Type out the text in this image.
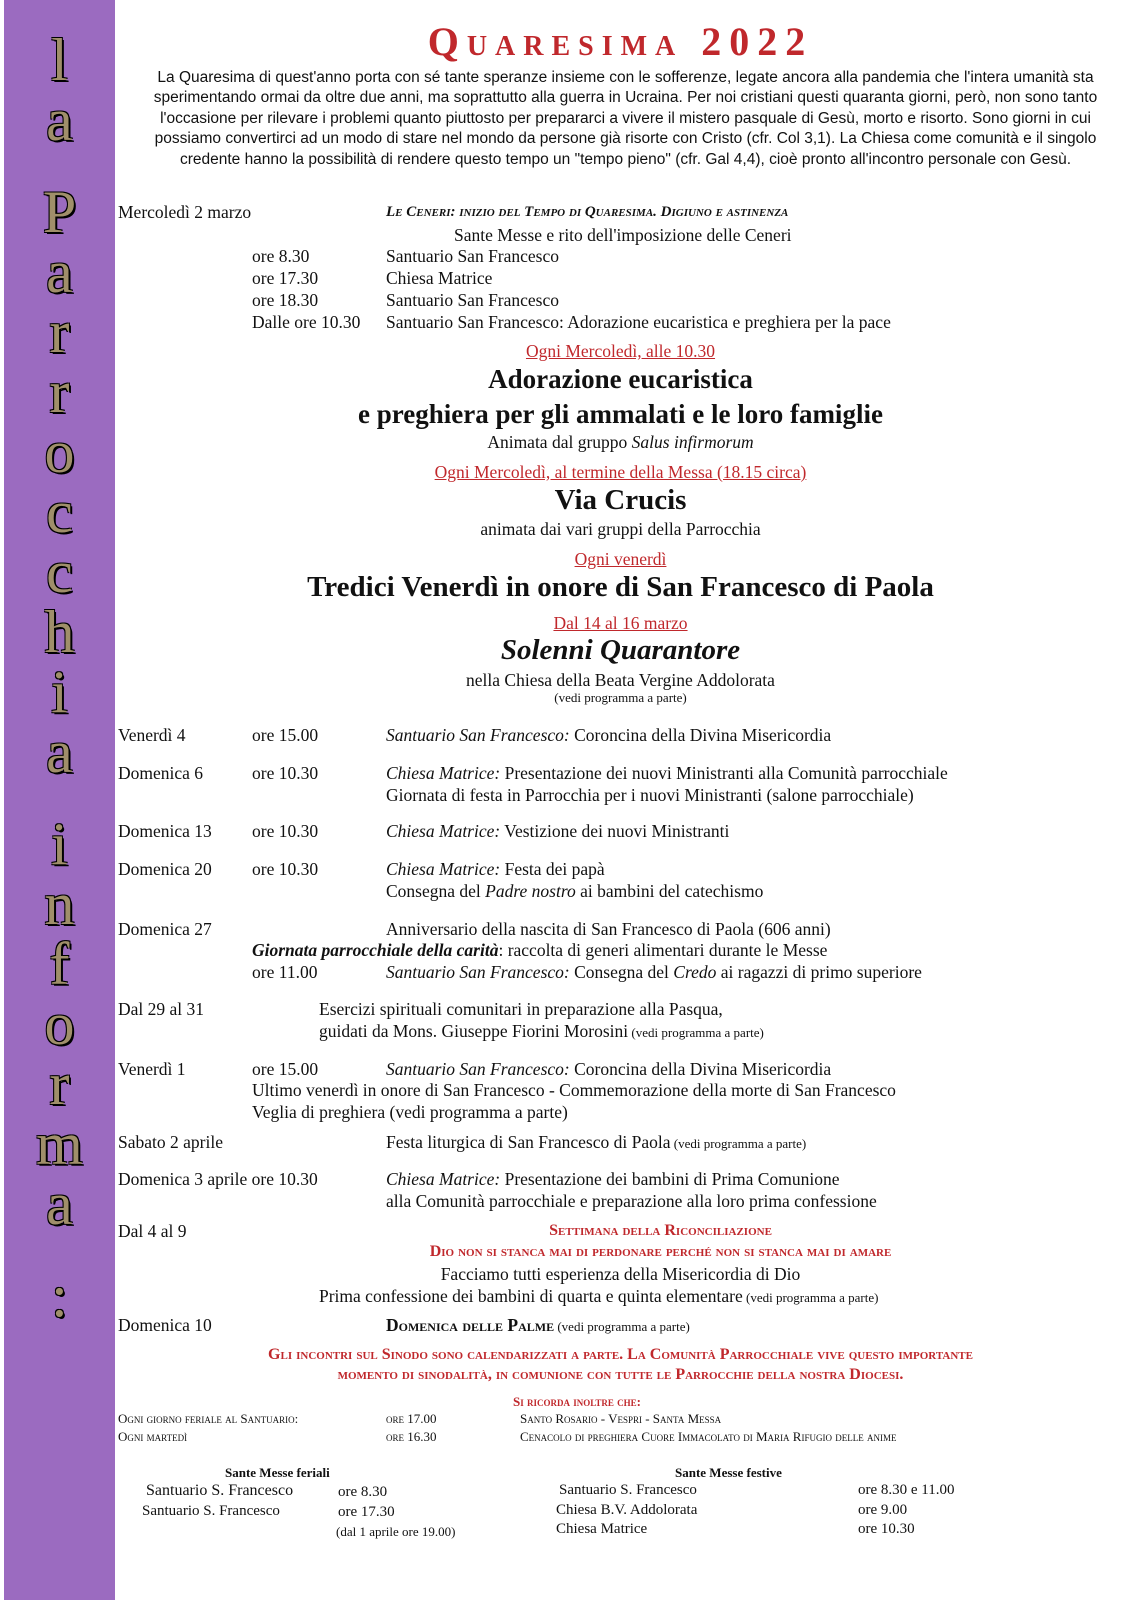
l
a
P
a
r
r
o
c
c
h
i
a
i
n
f
o
r
m
a
:
Quaresima 2022
La Quaresima di quest'anno porta con sé tante speranze insieme con le sofferenze, legate ancora alla pandemia che l'intera umanità sta sperimentando ormai da oltre due anni, ma soprattutto alla guerra in Ucraina. Per noi cristiani questi quaranta giorni, però, non sono tanto l'occasione per rilevare i problemi quanto piuttosto per prepararci a vivere il mistero pasquale di Gesù, morto e risorto. Sono giorni in cui possiamo convertirci ad un modo di stare nel mondo da persone già risorte con Cristo (cfr. Col 3,1). La Chiesa come comunità e il singolo credente hanno la possibilità di rendere questo tempo un "tempo pieno" (cfr. Gal 4,4), cioè pronto all'incontro personale con Gesù.
Mercoledì 2 marzo	Le Ceneri: inizio del Tempo di Quaresima. Digiuno e astinenza
Sante Messe e rito dell'imposizione delle Ceneri
ore 8.30	Santuario San Francesco
ore 17.30	Chiesa Matrice
ore 18.30	Santuario San Francesco
Dalle ore 10.30 Santuario San Francesco: Adorazione eucaristica e preghiera per la pace
Ogni Mercoledì, alle 10.30
Adorazione eucaristica
e preghiera per gli ammalati e le loro famiglie
Animata dal gruppo Salus infirmorum
Ogni Mercoledì, al termine della Messa (18.15 circa)
Via Crucis
animata dai vari gruppi della Parrocchia
Ogni venerdì
Tredici Venerdì in onore di San Francesco di Paola
Dal 14 al 16 marzo
Solenni Quarantore
nella Chiesa della Beata Vergine Addolorata
(vedi programma a parte)
Venerdì 4	ore 15.00	Santuario San Francesco: Coroncina della Divina Misericordia
Domenica 6	ore 10.30	Chiesa Matrice: Presentazione dei nuovi Ministranti alla Comunità parrocchiale
Giornata di festa in Parrocchia per i nuovi Ministranti (salone parrocchiale)
Domenica 13 ore 10.30	Chiesa Matrice: Vestizione dei nuovi Ministranti
Domenica 20 ore 10.30	Chiesa Matrice: Festa dei papà
Consegna del Padre nostro ai bambini del catechismo
Domenica 27	Anniversario della nascita di San Francesco di Paola (606 anni)
Giornata parrocchiale della carità: raccolta di generi alimentari durante le Messe
ore 11.00	Santuario San Francesco: Consegna del Credo ai ragazzi di primo superiore
Dal 29 al 31	Esercizi spirituali comunitari in preparazione alla Pasqua,
guidati da Mons. Giuseppe Fiorini Morosini (vedi programma a parte)
Venerdì 1	ore 15.00	Santuario San Francesco: Coroncina della Divina Misericordia
Ultimo venerdì in onore di San Francesco - Commemorazione della morte di San Francesco
Veglia di preghiera (vedi programma a parte)
Sabato 2 aprile	Festa liturgica di San Francesco di Paola (vedi programma a parte)
Domenica 3 aprile ore 10.30	Chiesa Matrice: Presentazione dei bambini di Prima Comunione
alla Comunità parrocchiale e preparazione alla loro prima confessione
Dal 4 al 9	Settimana della Riconciliazione
Dio non si stanca mai di perdonare perché non si stanca mai di amare
Facciamo tutti esperienza della Misericordia di Dio
Prima confessione dei bambini di quarta e quinta elementare (vedi programma a parte)
Domenica 10	Domenica delle Palme (vedi programma a parte)
Gli incontri sul Sinodo sono calendarizzati a parte. La Comunità Parrocchiale vive questo importante
momento di sinodalità, in comunione con tutte le Parrocchie della nostra Diocesi.
Si ricorda inoltre che:
Ogni giorno feriale al Santuario:	ore 17.00	Santo Rosario - Vespri - Santa Messa
Ogni martedì	ore 16.30	Cenacolo di preghiera Cuore Immacolato di Maria Rifugio delle anime
Sante Messe feriali
Santuario S. Francesco	ore 8.30
Santuario S. Francesco	ore 17.30
(dal 1 aprile ore 19.00)
Sante Messe festive
Santuario S. Francesco	ore 8.30 e 11.00
Chiesa B.V. Addolorata	ore 9.00
Chiesa Matrice	ore 10.30
